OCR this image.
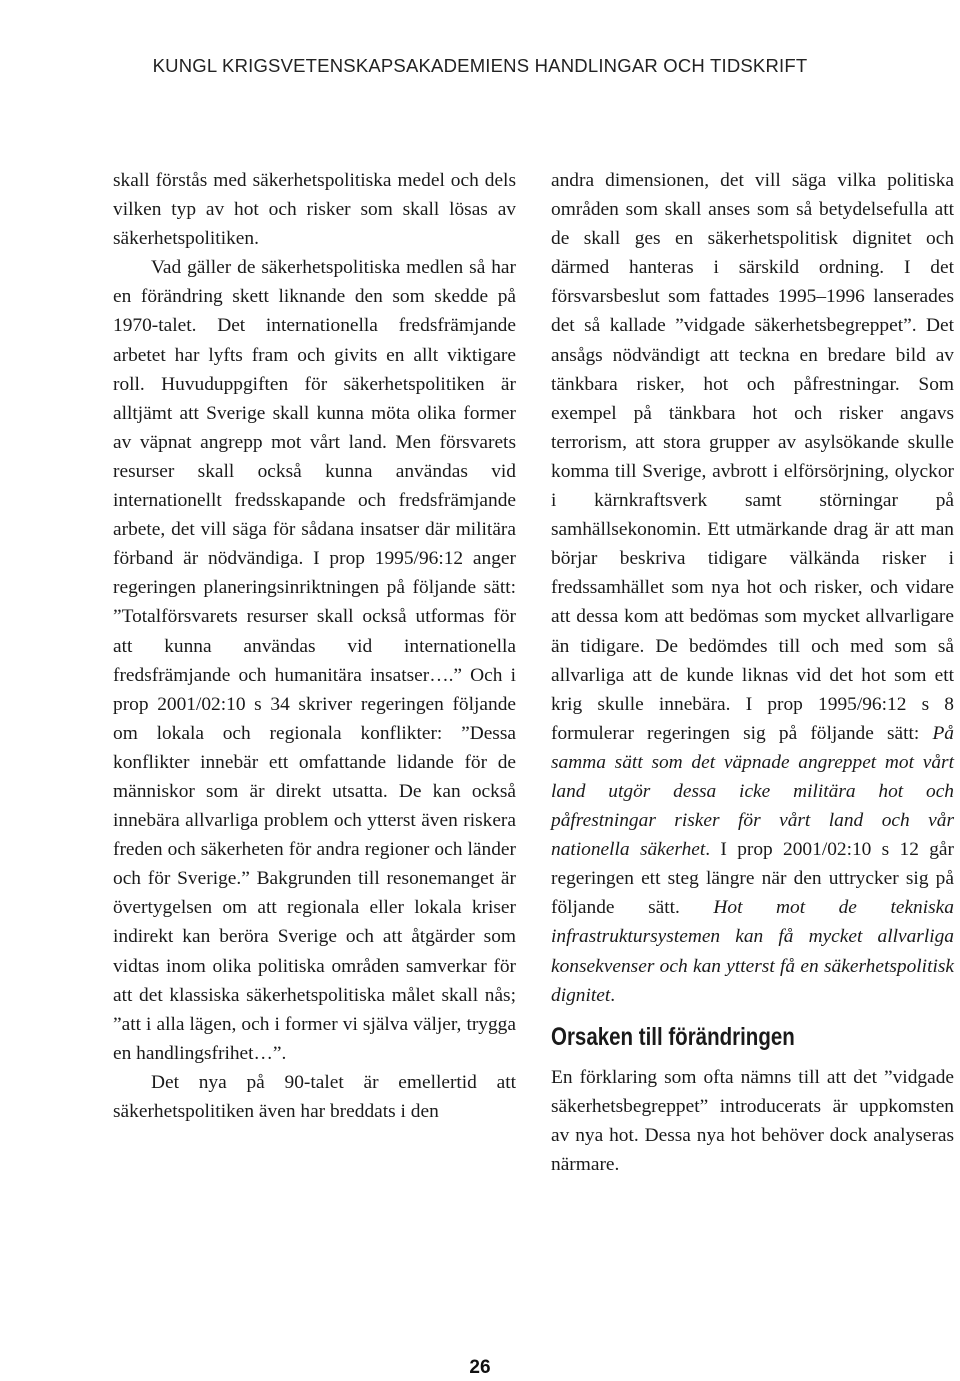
KUNGL KRIGSVETENSKAPSAKADEMIENS HANDLINGAR OCH TIDSKRIFT

skall förstås med säkerhetspolitiska medel och dels vilken typ av hot och risker som skall lösas av säkerhetspolitiken.

Vad gäller de säkerhetspolitiska medlen så har en förändring skett liknande den som skedde på 1970-talet. Det internationella fredsfrämjande arbetet har lyfts fram och givits en allt viktigare roll. Huvuduppgiften för säkerhetspolitiken är alltjämt att Sverige skall kunna möta olika former av väpnat angrepp mot vårt land. Men försvarets resurser skall också kunna användas vid internationellt fredsskapande och fredsfrämjande arbete, det vill säga för sådana insatser där militära förband är nödvändiga. I prop 1995/96:12 anger regeringen planeringsinriktningen på följande sätt: ”Totalförsvarets resurser skall också utformas för att kunna användas vid internationella fredsfrämjande och humanitära insatser….” Och i prop 2001/02:10 s 34 skriver regeringen följande om lokala och regionala konflikter: ”Dessa konflikter innebär ett omfattande lidande för de människor som är direkt utsatta. De kan också innebära allvarliga problem och ytterst även riskera freden och säkerheten för andra regioner och länder och för Sverige.” Bakgrunden till resonemanget är övertygelsen om att regionala eller lokala kriser indirekt kan beröra Sverige och att åtgärder som vidtas inom olika politiska områden samverkar för att det klassiska säkerhetspolitiska målet skall nås; ”att i alla lägen, och i former vi själva väljer, trygga en handlingsfrihet…”.

Det nya på 90-talet är emellertid att säkerhetspolitiken även har breddats i den

andra dimensionen, det vill säga vilka politiska områden som skall anses som så betydelsefulla att de skall ges en säkerhetspolitisk dignitet och därmed hanteras i särskild ordning. I det försvarsbeslut som fattades 1995–1996 lanserades det så kallade ”vidgade säkerhetsbegreppet”. Det ansågs nödvändigt att teckna en bredare bild av tänkbara risker, hot och påfrestningar. Som exempel på tänkbara hot och risker angavs terrorism, att stora grupper av asylsökande skulle komma till Sverige, avbrott i elförsörjning, olyckor i kärnkraftsverk samt störningar på samhällsekonomin. Ett utmärkande drag är att man börjar beskriva tidigare välkända risker i fredssamhället som nya hot och risker, och vidare att dessa kom att bedömas som mycket allvarligare än tidigare. De bedömdes till och med som så allvarliga att de kunde liknas vid det hot som ett krig skulle innebära. I prop 1995/96:12 s 8 formulerar regeringen sig på följande sätt: På samma sätt som det väpnade angreppet mot vårt land utgör dessa icke militära hot och påfrestningar risker för vårt land och vår nationella säkerhet. I prop 2001/02:10 s 12 går regeringen ett steg längre när den uttrycker sig på följande sätt. Hot mot de tekniska infrastruktursystemen kan få mycket allvarliga konsekvenser och kan ytterst få en säkerhetspolitisk dignitet.

Orsaken till förändringen

En förklaring som ofta nämns till att det ”vidgade säkerhetsbegreppet” introducerats är uppkomsten av nya hot. Dessa nya hot behöver dock analyseras närmare.

26
